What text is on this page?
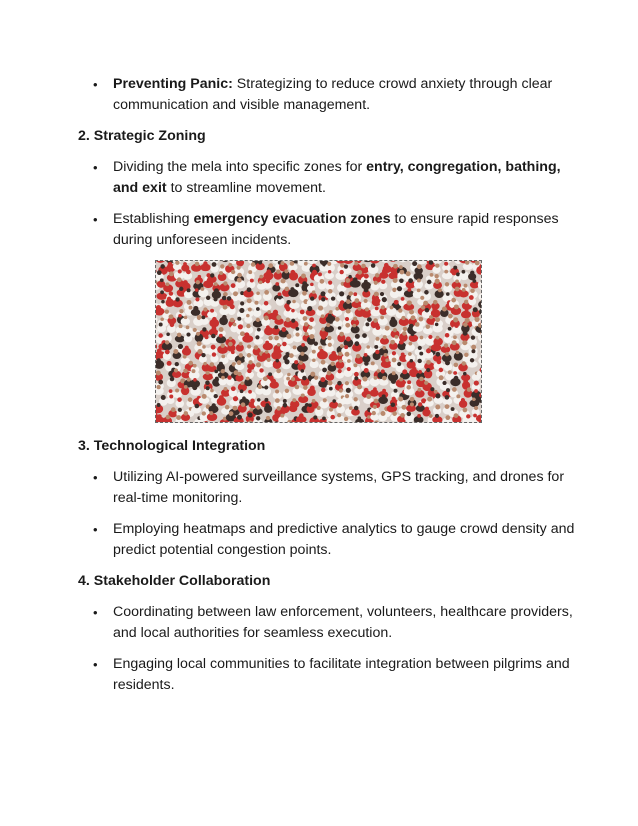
• Preventing Panic: Strategizing to reduce crowd anxiety through clear communication and visible management.

2. Strategic Zoning

• Dividing the mela into specific zones for entry, congregation, bathing, and exit to streamline movement.

• Establishing emergency evacuation zones to ensure rapid responses during unforeseen incidents.

3. Technological Integration

• Utilizing AI-powered surveillance systems, GPS tracking, and drones for real-time monitoring.

• Employing heatmaps and predictive analytics to gauge crowd density and predict potential congestion points.

4. Stakeholder Collaboration

• Coordinating between law enforcement, volunteers, healthcare providers, and local authorities for seamless execution.

• Engaging local communities to facilitate integration between pilgrims and residents.
